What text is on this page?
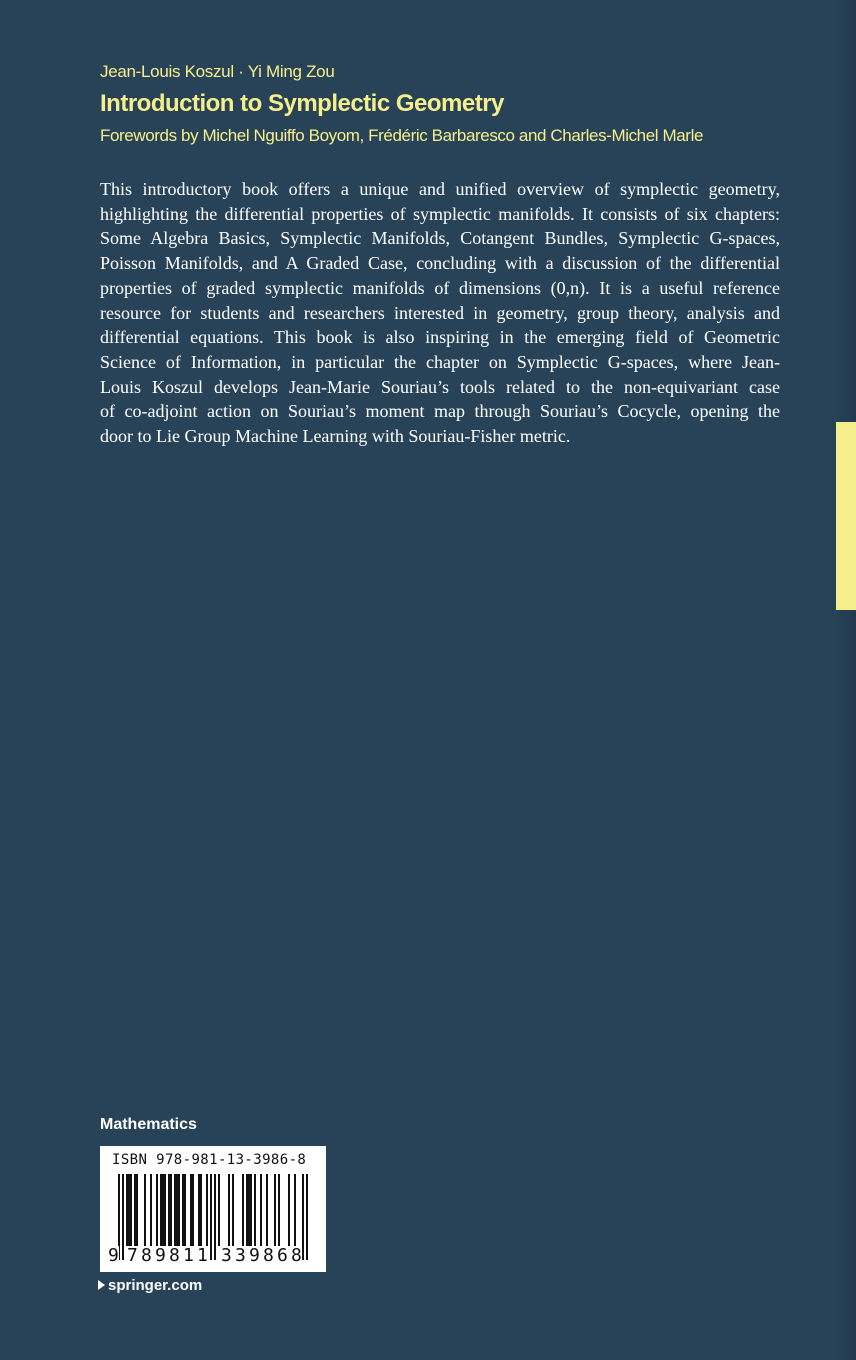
Jean-Louis Koszul · Yi Ming Zou
Introduction to Symplectic Geometry
Forewords by Michel Nguiffo Boyom, Frédéric Barbaresco and Charles-Michel Marle
This introductory book offers a unique and unified overview of symplectic geometry,
highlighting the differential properties of symplectic manifolds. It consists of six chapters:
Some Algebra Basics, Symplectic Manifolds, Cotangent Bundles, Symplectic G-spaces,
Poisson Manifolds, and A Graded Case, concluding with a discussion of the differential
properties of graded symplectic manifolds of dimensions (0,n). It is a useful reference
resource for students and researchers interested in geometry, group theory, analysis and
differential equations. This book is also inspiring in the emerging field of Geometric
Science of Information, in particular the chapter on Symplectic G-spaces, where Jean-
Louis Koszul develops Jean-Marie Souriau’s tools related to the non-equivariant case
of co-adjoint action on Souriau’s moment map through Souriau’s Cocycle, opening the
door to Lie Group Machine Learning with Souriau-Fisher metric.
Mathematics
ISBN 978-981-13-3986-8
9 7 8 9 8 1 1 3 3 9 8 6 8
springer.com
